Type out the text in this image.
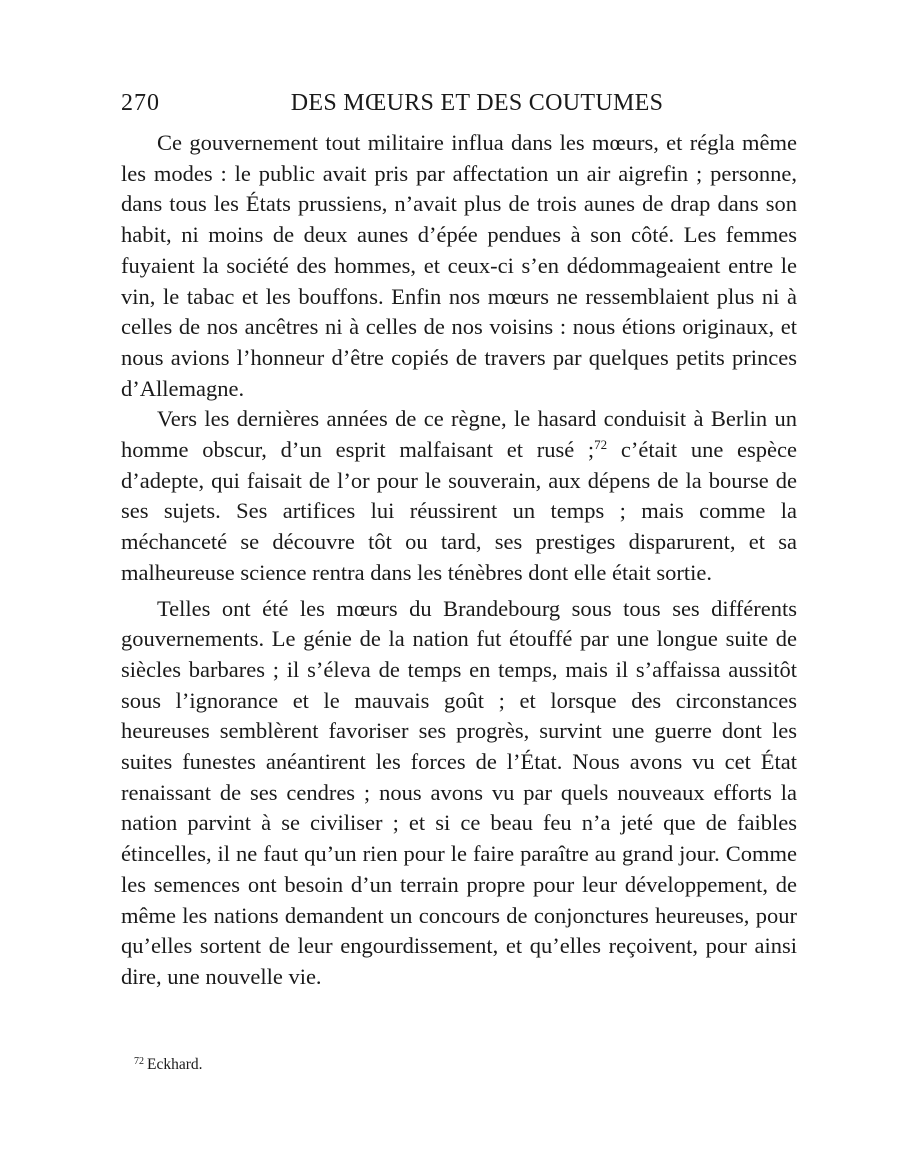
270	DES MŒURS ET DES COUTUMES

Ce gouvernement tout militaire influa dans les mœurs, et régla même les modes : le public avait pris par affectation un air aigrefin ; personne, dans tous les États prussiens, n’avait plus de trois aunes de drap dans son habit, ni moins de deux aunes d’épée pendues à son côté. Les femmes fuyaient la société des hommes, et ceux-ci s’en dédommageaient entre le vin, le tabac et les bouffons. Enfin nos mœurs ne ressemblaient plus ni à celles de nos ancêtres ni à celles de nos voisins : nous étions originaux, et nous avions l’honneur d’être copiés de travers par quelques petits princes d’Allemagne.

Vers les dernières années de ce règne, le hasard conduisit à Berlin un homme obscur, d’un esprit malfaisant et rusé ;$^{72}$ c’était une espèce d’adepte, qui faisait de l’or pour le souverain, aux dépens de la bourse de ses sujets. Ses artifices lui réussirent un temps ; mais comme la méchanceté se découvre tôt ou tard, ses prestiges disparurent, et sa malheureuse science rentra dans les ténèbres dont elle était sortie.

Telles ont été les mœurs du Brandebourg sous tous ses différents gouvernements. Le génie de la nation fut étouffé par une longue suite de siècles barbares ; il s’éleva de temps en temps, mais il s’affaissa aussitôt sous l’ignorance et le mauvais goût ; et lorsque des circonstances heureuses semblèrent favoriser ses progrès, survint une guerre dont les suites funestes anéantirent les forces de l’État. Nous avons vu cet État renaissant de ses cendres ; nous avons vu par quels nouveaux efforts la nation parvint à se civiliser ; et si ce beau feu n’a jeté que de faibles étincelles, il ne faut qu’un rien pour le faire paraître au grand jour. Comme les semences ont besoin d’un terrain propre pour leur développement, de même les nations demandent un concours de conjonctures heureuses, pour qu’elles sortent de leur engourdissement, et qu’elles reçoivent, pour ainsi dire, une nouvelle vie.

$^{72}$ Eckhard.
